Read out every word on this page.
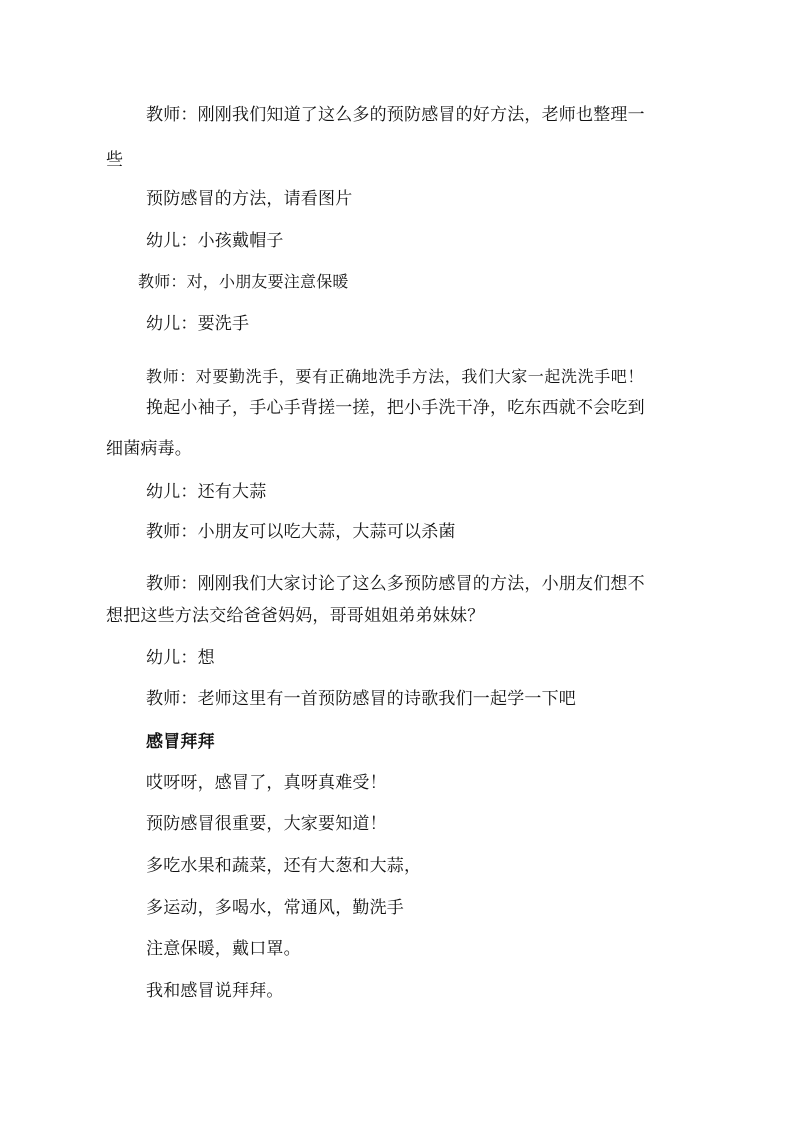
教师：刚刚我们知道了这么多的预防感冒的好方法，老师也整理一
些
预防感冒的方法，请看图片
幼儿：小孩戴帽子
教师：对，小朋友要注意保暖
幼儿：要洗手
教师：对要勤洗手，要有正确地洗手方法，我们大家一起洗洗手吧！
挽起小袖子，手心手背搓一搓，把小手洗干净，吃东西就不会吃到
细菌病毒。
幼儿：还有大蒜
教师：小朋友可以吃大蒜，大蒜可以杀菌
教师：刚刚我们大家讨论了这么多预防感冒的方法，小朋友们想不
想把这些方法交给爸爸妈妈，哥哥姐姐弟弟妹妹？
幼儿：想
教师：老师这里有一首预防感冒的诗歌我们一起学一下吧
感冒拜拜
哎呀呀，感冒了，真呀真难受！
预防感冒很重要，大家要知道！
多吃水果和蔬菜，还有大葱和大蒜，
多运动，多喝水，常通风，勤洗手
注意保暖，戴口罩。
我和感冒说拜拜。
